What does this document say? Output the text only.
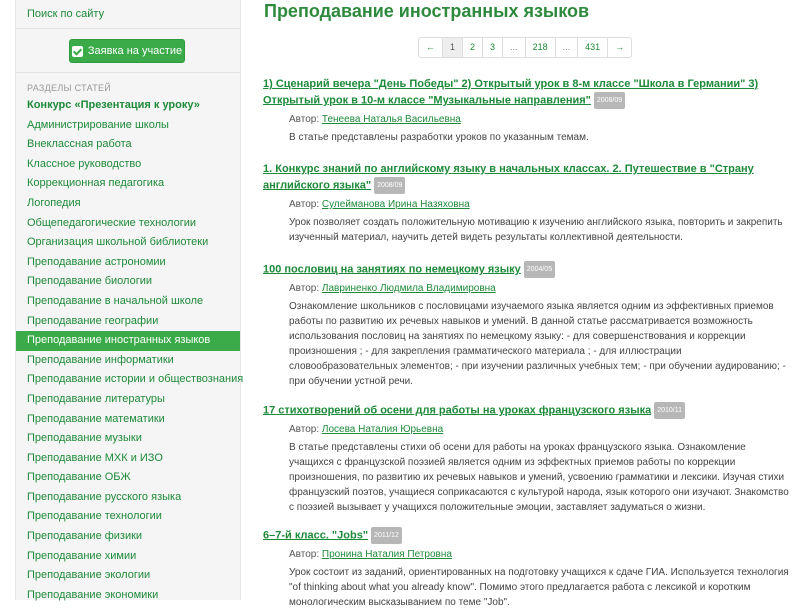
Поиск по сайту
Заявка на участие
РАЗДЕЛЫ СТАТЕЙ
Конкурс «Презентация к уроку»
Администрирование школы
Внеклассная работа
Классное руководство
Коррекционная педагогика
Логопедия
Общепедагогические технологии
Организация школьной библиотеки
Преподавание астрономии
Преподавание биологии
Преподавание в начальной школе
Преподавание географии
Преподавание иностранных языков
Преподавание информатики
Преподавание истории и обществознания
Преподавание литературы
Преподавание математики
Преподавание музыки
Преподавание МХК и ИЗО
Преподавание ОБЖ
Преподавание русского языка
Преподавание технологии
Преподавание физики
Преподавание химии
Преподавание экологии
Преподавание экономики
Преподавание иностранных языков
←	1	2	3	...	218	...	431	→
1) Сценарий вечера "День Победы" 2) Открытый урок в 8-м классе "Школа в Германии" 3) Открытый урок в 10-м классе "Музыкальные направления" 2008/09
Автор: Тенеева Наталья Васильевна
В статье представлены разработки уроков по указанным темам.
1. Конкурс знаний по английскому языку в начальных классах. 2. Путешествие в "Страну английского языка" 2008/09
Автор: Сулейманова Ирина Назяховна
Урок позволяет создать положительную мотивацию к изучению английского языка, повторить и закрепить изученный материал, научить детей видеть результаты коллективной деятельности.
100 пословиц на занятиях по немецкому языку 2004/05
Автор: Лавриненко Людмила Владимировна
Ознакомление школьников с пословицами изучаемого языка является одним из эффективных приемов работы по развитию их речевых навыков и умений. В данной статье рассматривается возможность использования пословиц на занятиях по немецкому языку: - для совершенствования и коррекции произношения ; - для закрепления грамматического материала ; - для иллюстрации словообразовательных элементов; - при изучении различных учебных тем; - при обучении аудированию; - при обучении устной речи.
17 стихотворений об осени для работы на уроках французского языка 2010/11
Автор: Лосева Наталия Юрьевна
В статье представлены стихи об осени для работы на уроках французского языка. Ознакомление учащихся с французской поэзией является одним из эффектных приемов работы по коррекции произношения, по развитию их речевых навыков и умений, усвоению грамматики и лексики. Изучая стихи французский поэтов, учащиеся соприкасаются с культурой народа, язык которого они изучают. Знакомство с поэзией вызывает у учащихся положительные эмоции, заставляет задуматься о жизни.
6–7-й класс. "Jobs" 2011/12
Автор: Пронина Наталия Петровна
Урок состоит из заданий, ориентированных на подготовку учащихся к сдаче ГИА. Используется технология "of thinking about what you already know". Помимо этого предлагается работа с лексикой и коротким монологическим высказыванием по теме "Job".
